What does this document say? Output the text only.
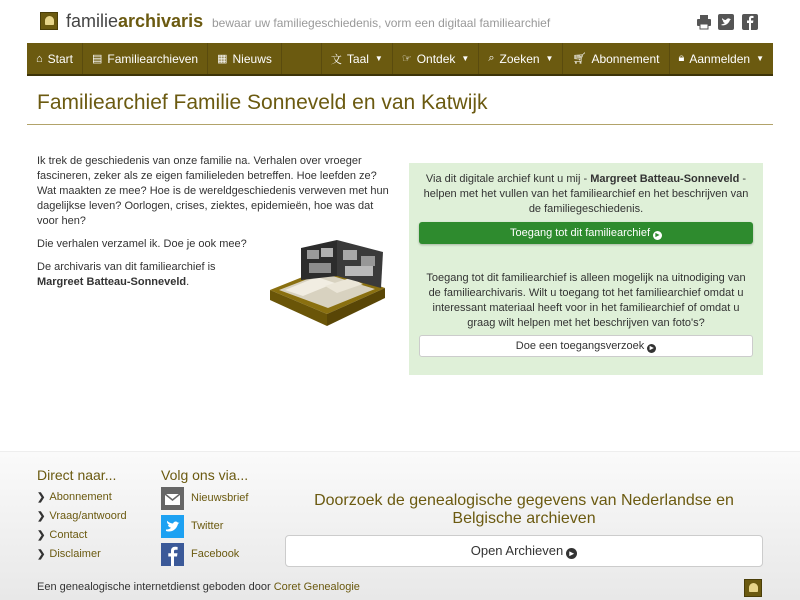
familiearchivaris bewaar uw familiegeschiedenis, vorm een digitaal familiearchief
⌂ Start ▤ Familiearchieven ▦ Nieuws	文 Taal ▼ ☞ Ontdek ▼ ⌕ Zoeken ▼ 🛒︎ Abonnement 🔒︎ Aanmelden ▼
Familiearchief Familie Sonneveld en van Katwijk

Ik trek de geschiedenis van onze familie na. Verhalen over vroeger fascineren, zeker als ze eigen familieleden betreffen. Hoe leefden ze? Wat maakten ze mee? Hoe is de wereldgeschiedenis verweven met hun dagelijkse leven? Oorlogen, crises, ziektes, epidemieën, hoe was dat voor hen?

Die verhalen verzamel ik. Doe je ook mee?

De archivaris van dit familiearchief is Margreet Batteau-Sonneveld.

Via dit digitale archief kunt u mij - Margreet Batteau-Sonneveld - helpen met het vullen van het familiearchief en het beschrijven van de familiegeschiedenis.
Toegang tot dit familiearchief ►
Toegang tot dit familiearchief is alleen mogelijk na uitnodiging van de familiearchivaris. Wilt u toegang tot het familiearchief omdat u interessant materiaal heeft voor in het familiearchief of omdat u graag wilt helpen met het beschrijven van foto's?
Doe een toegangsverzoek ►
Direct naar...
❯ Abonnement
❯ Vraag/antwoord
❯ Contact
❯ Disclaimer
Volg ons via...
Nieuwsbrief
Twitter
Facebook
Doorzoek de genealogische gegevens van Nederlandse en Belgische archieven
Open Archieven ►
Een genealogische internetdienst geboden door Coret Genealogie
